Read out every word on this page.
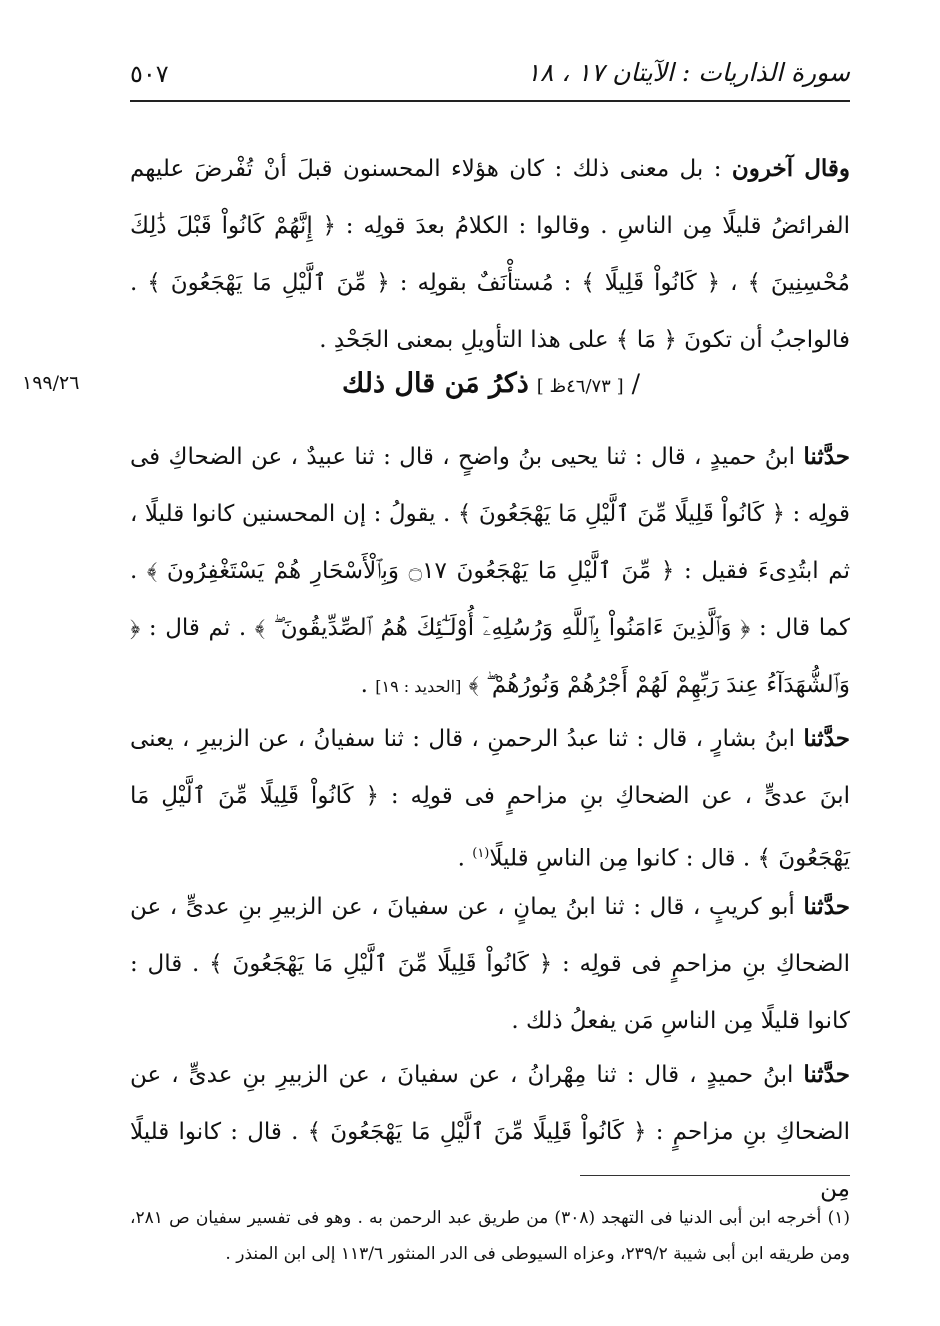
سورة الذاريات : الآيتان ١٧ ، ١٨
٥٠٧

وقال آخرون : بل معنى ذلك : كان هؤلاء المحسنون قبلَ أنْ تُفْرضَ عليهم الفرائضُ قليلًا مِن الناسِ . وقالوا : الكلامُ بعدَ قولِه : ﴿ إِنَّهُمْ كَانُواْ قَبْلَ ذَٰلِكَ مُحْسِنِينَ ﴾ ، ﴿ كَانُواْ قَلِيلًا ﴾ : مُستأْنَفٌ بقولِه : ﴿ مِّنَ ٱلَّيْلِ مَا يَهْجَعُونَ ﴾ . فالواجبُ أن تكونَ ﴿ مَا ﴾ على هذا التأويلِ بمعنى الجَحْدِ .

/ [ ٤٦/٧٣ظ ] ذكرُ مَن قال ذلك
١٩٩/٢٦

حدَّثنا ابنُ حميدٍ ، قال : ثنا يحيى بنُ واضحٍ ، قال : ثنا عبيدٌ ، عن الضحاكِ فى قولِه : ﴿ كَانُواْ قَلِيلًا مِّنَ ٱلَّيْلِ مَا يَهْجَعُونَ ﴾ . يقولُ : إن المحسنين كانوا قليلًا ، ثم ابتُدِىءَ فقيل : ﴿ مِّنَ ٱلَّيْلِ مَا يَهْجَعُونَ ۝١٧ وَبِٱلْأَسْحَارِ هُمْ يَسْتَغْفِرُونَ ﴾ . كما قال : ﴿ وَٱلَّذِينَ ءَامَنُواْ بِٱللَّهِ وَرُسُلِهِۦٓ أُوْلَـٰٓئِكَ هُمُ ٱلصِّدِّيقُونَ ۖ ﴾ . ثم قال : ﴿ وَٱلشُّهَدَآءُ عِندَ رَبِّهِمْ لَهُمْ أَجْرُهُمْ وَنُورُهُمْ ۖ ﴾ [الحديد : ١٩] .

حدَّثنا ابنُ بشارٍ ، قال : ثنا عبدُ الرحمنِ ، قال : ثنا سفيانُ ، عن الزبيرِ ، يعنى ابنَ عدىٍّ ، عن الضحاكِ بنِ مزاحمٍ فى قولِه : ﴿ كَانُواْ قَلِيلًا مِّنَ ٱلَّيْلِ مَا يَهْجَعُونَ ﴾ . قال : كانوا مِن الناسِ قليلًا$^{(١)}$ .

حدَّثنا أبو كريبٍ ، قال : ثنا ابنُ يمانٍ ، عن سفيانَ ، عن الزبيرِ بنِ عدىٍّ ، عن الضحاكِ بنِ مزاحمٍ فى قولِه : ﴿ كَانُواْ قَلِيلًا مِّنَ ٱلَّيْلِ مَا يَهْجَعُونَ ﴾ . قال : كانوا قليلًا مِن الناسِ مَن يفعلُ ذلك .

حدَّثنا ابنُ حميدٍ ، قال : ثنا مِهْرانُ ، عن سفيانَ ، عن الزبيرِ بنِ عدىٍّ ، عن الضحاكِ بنِ مزاحمٍ : ﴿ كَانُواْ قَلِيلًا مِّنَ ٱلَّيْلِ مَا يَهْجَعُونَ ﴾ . قال : كانوا قليلًا مِن

(١) أخرجه ابن أبى الدنيا فى التهجد (٣٠٨) من طريق عبد الرحمن به . وهو فى تفسير سفيان ص ٢٨١، ومن طريقه ابن أبى شيبة ٢٣٩/٢، وعزاه السيوطى فى الدر المنثور ١١٣/٦ إلى ابن المنذر .
